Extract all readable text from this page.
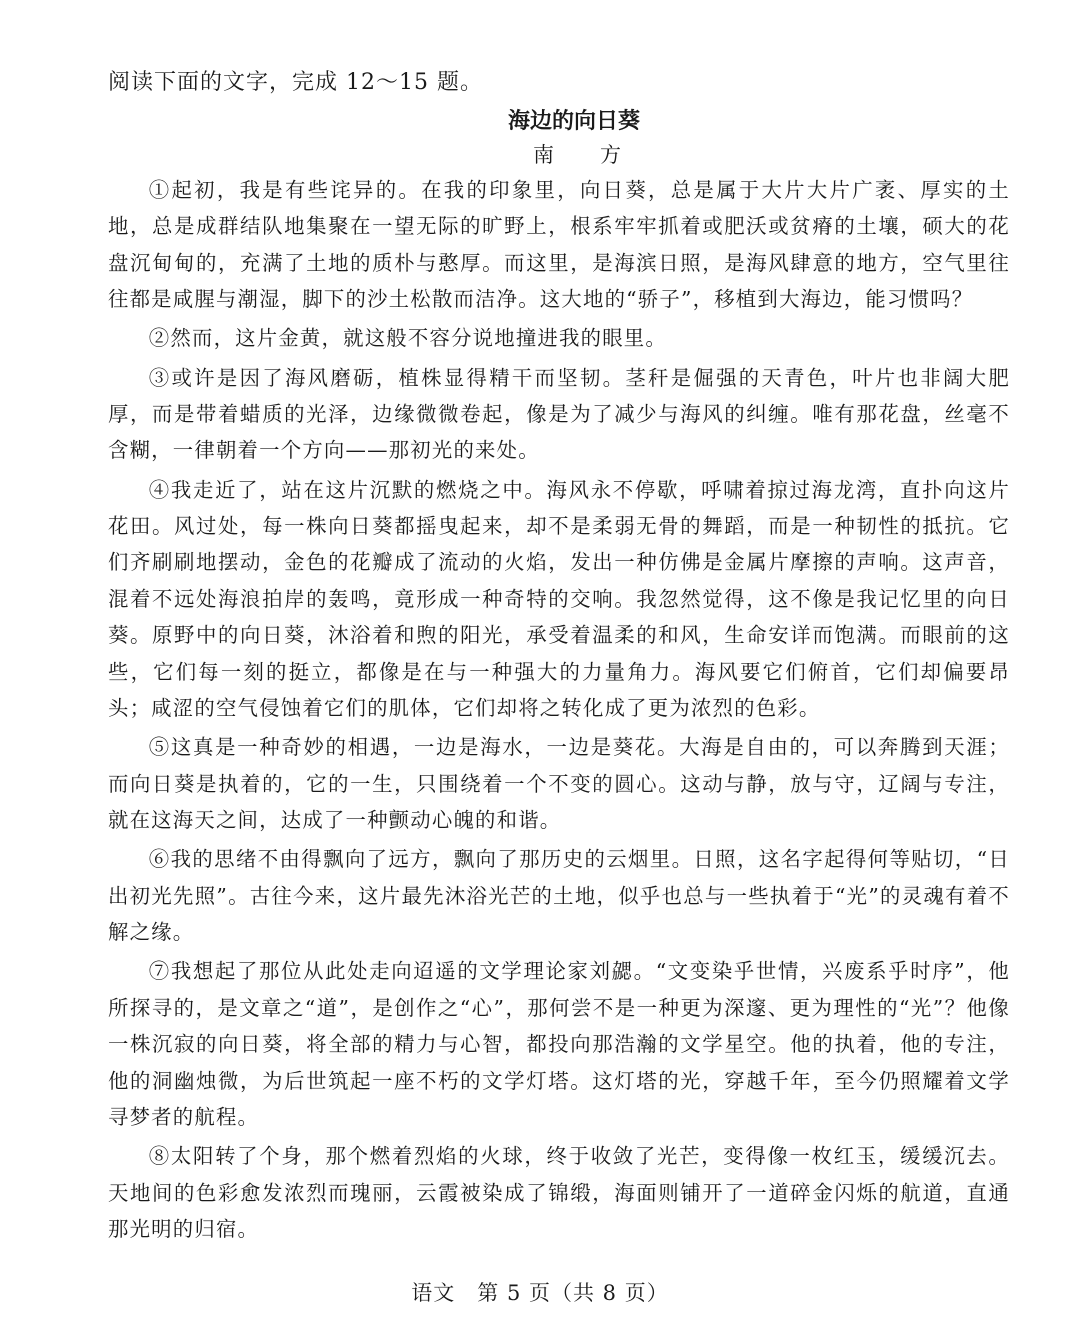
阅读下面的文字，完成 12～15 题。

海边的向日葵
南 方

①起初，我是有些诧异的。在我的印象里，向日葵，总是属于大片大片广袤、厚实的土地，总是成群结队地集聚在一望无际的旷野上，根系牢牢抓着或肥沃或贫瘠的土壤，硕大的花盘沉甸甸的，充满了土地的质朴与憨厚。而这里，是海滨日照，是海风肆意的地方，空气里往往都是咸腥与潮湿，脚下的沙土松散而洁净。这大地的“骄子”，移植到大海边，能习惯吗？

②然而，这片金黄，就这般不容分说地撞进我的眼里。

③或许是因了海风磨砺，植株显得精干而坚韧。茎秆是倔强的天青色，叶片也非阔大肥厚，而是带着蜡质的光泽，边缘微微卷起，像是为了减少与海风的纠缠。唯有那花盘，丝毫不含糊，一律朝着一个方向——那初光的来处。

④我走近了，站在这片沉默的燃烧之中。海风永不停歇，呼啸着掠过海龙湾，直扑向这片花田。风过处，每一株向日葵都摇曳起来，却不是柔弱无骨的舞蹈，而是一种韧性的抵抗。它们齐刷刷地摆动，金色的花瓣成了流动的火焰，发出一种仿佛是金属片摩擦的声响。这声音，混着不远处海浪拍岸的轰鸣，竟形成一种奇特的交响。我忽然觉得，这不像是我记忆里的向日葵。原野中的向日葵，沐浴着和煦的阳光，承受着温柔的和风，生命安详而饱满。而眼前的这些，它们每一刻的挺立，都像是在与一种强大的力量角力。海风要它们俯首，它们却偏要昂头；咸涩的空气侵蚀着它们的肌体，它们却将之转化成了更为浓烈的色彩。

⑤这真是一种奇妙的相遇，一边是海水，一边是葵花。大海是自由的，可以奔腾到天涯；而向日葵是执着的，它的一生，只围绕着一个不变的圆心。这动与静，放与守，辽阔与专注，就在这海天之间，达成了一种颤动心魄的和谐。

⑥我的思绪不由得飘向了远方，飘向了那历史的云烟里。日照，这名字起得何等贴切，“日出初光先照”。古往今来，这片最先沐浴光芒的土地，似乎也总与一些执着于“光”的灵魂有着不解之缘。

⑦我想起了那位从此处走向迢遥的文学理论家刘勰。“文变染乎世情，兴废系乎时序”，他所探寻的，是文章之“道”，是创作之“心”，那何尝不是一种更为深邃、更为理性的“光”？他像一株沉寂的向日葵，将全部的精力与心智，都投向那浩瀚的文学星空。他的执着，他的专注，他的洞幽烛微，为后世筑起一座不朽的文学灯塔。这灯塔的光，穿越千年，至今仍照耀着文学寻梦者的航程。

⑧太阳转了个身，那个燃着烈焰的火球，终于收敛了光芒，变得像一枚红玉，缓缓沉去。天地间的色彩愈发浓烈而瑰丽，云霞被染成了锦缎，海面则铺开了一道碎金闪烁的航道，直通那光明的归宿。

语文　第 5 页（共 8 页）
